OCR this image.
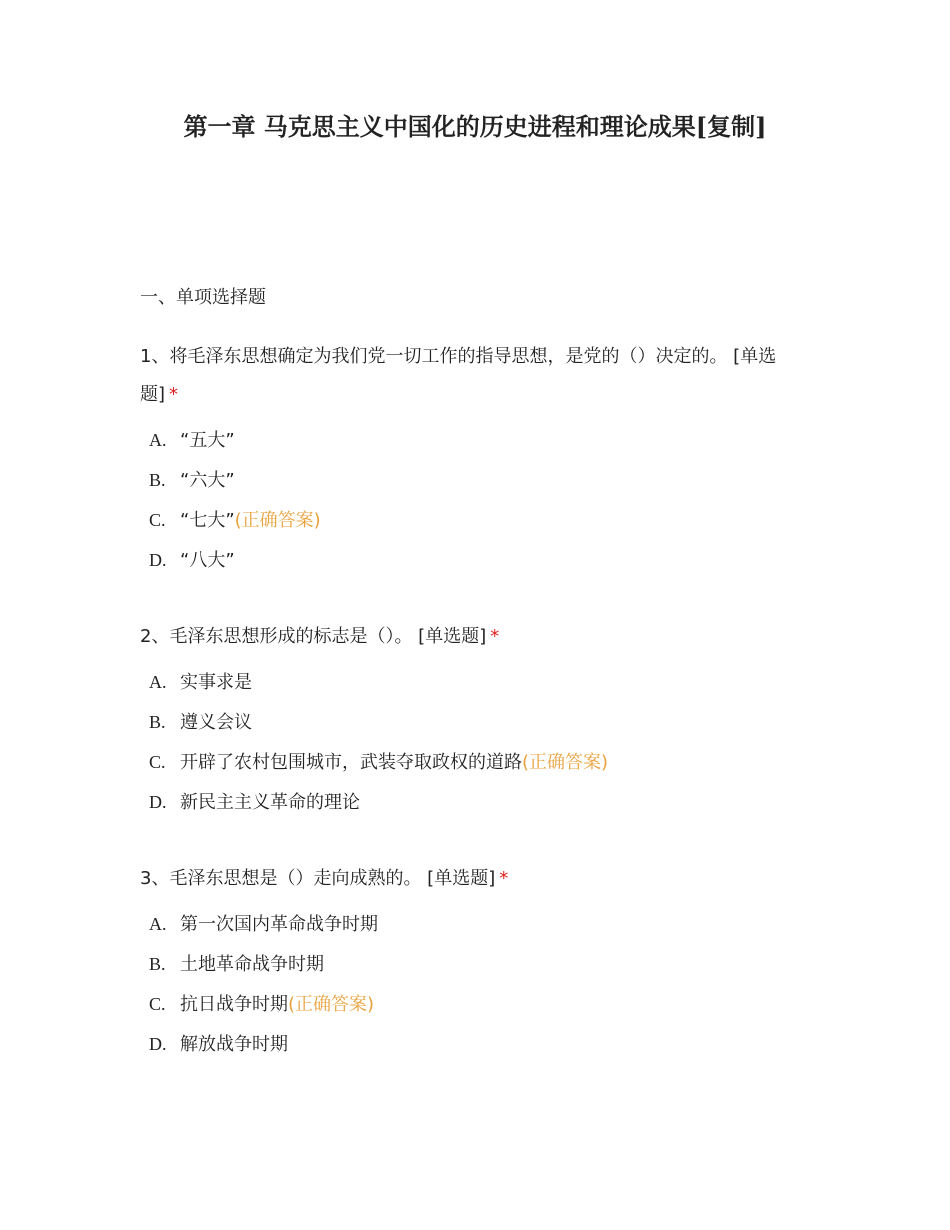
第一章 马克思主义中国化的历史进程和理论成果[复制]
一、单项选择题
1、将毛泽东思想确定为我们党一切工作的指导思想，是党的（）决定的。 [单选题] *
A. “五大”
B. “六大”
C. “七大”(正确答案)
D. “八大”
2、毛泽东思想形成的标志是（）。 [单选题] *
A. 实事求是
B. 遵义会议
C. 开辟了农村包围城市，武装夺取政权的道路(正确答案)
D. 新民主主义革命的理论
3、毛泽东思想是（）走向成熟的。 [单选题] *
A. 第一次国内革命战争时期
B. 土地革命战争时期
C. 抗日战争时期(正确答案)
D. 解放战争时期
